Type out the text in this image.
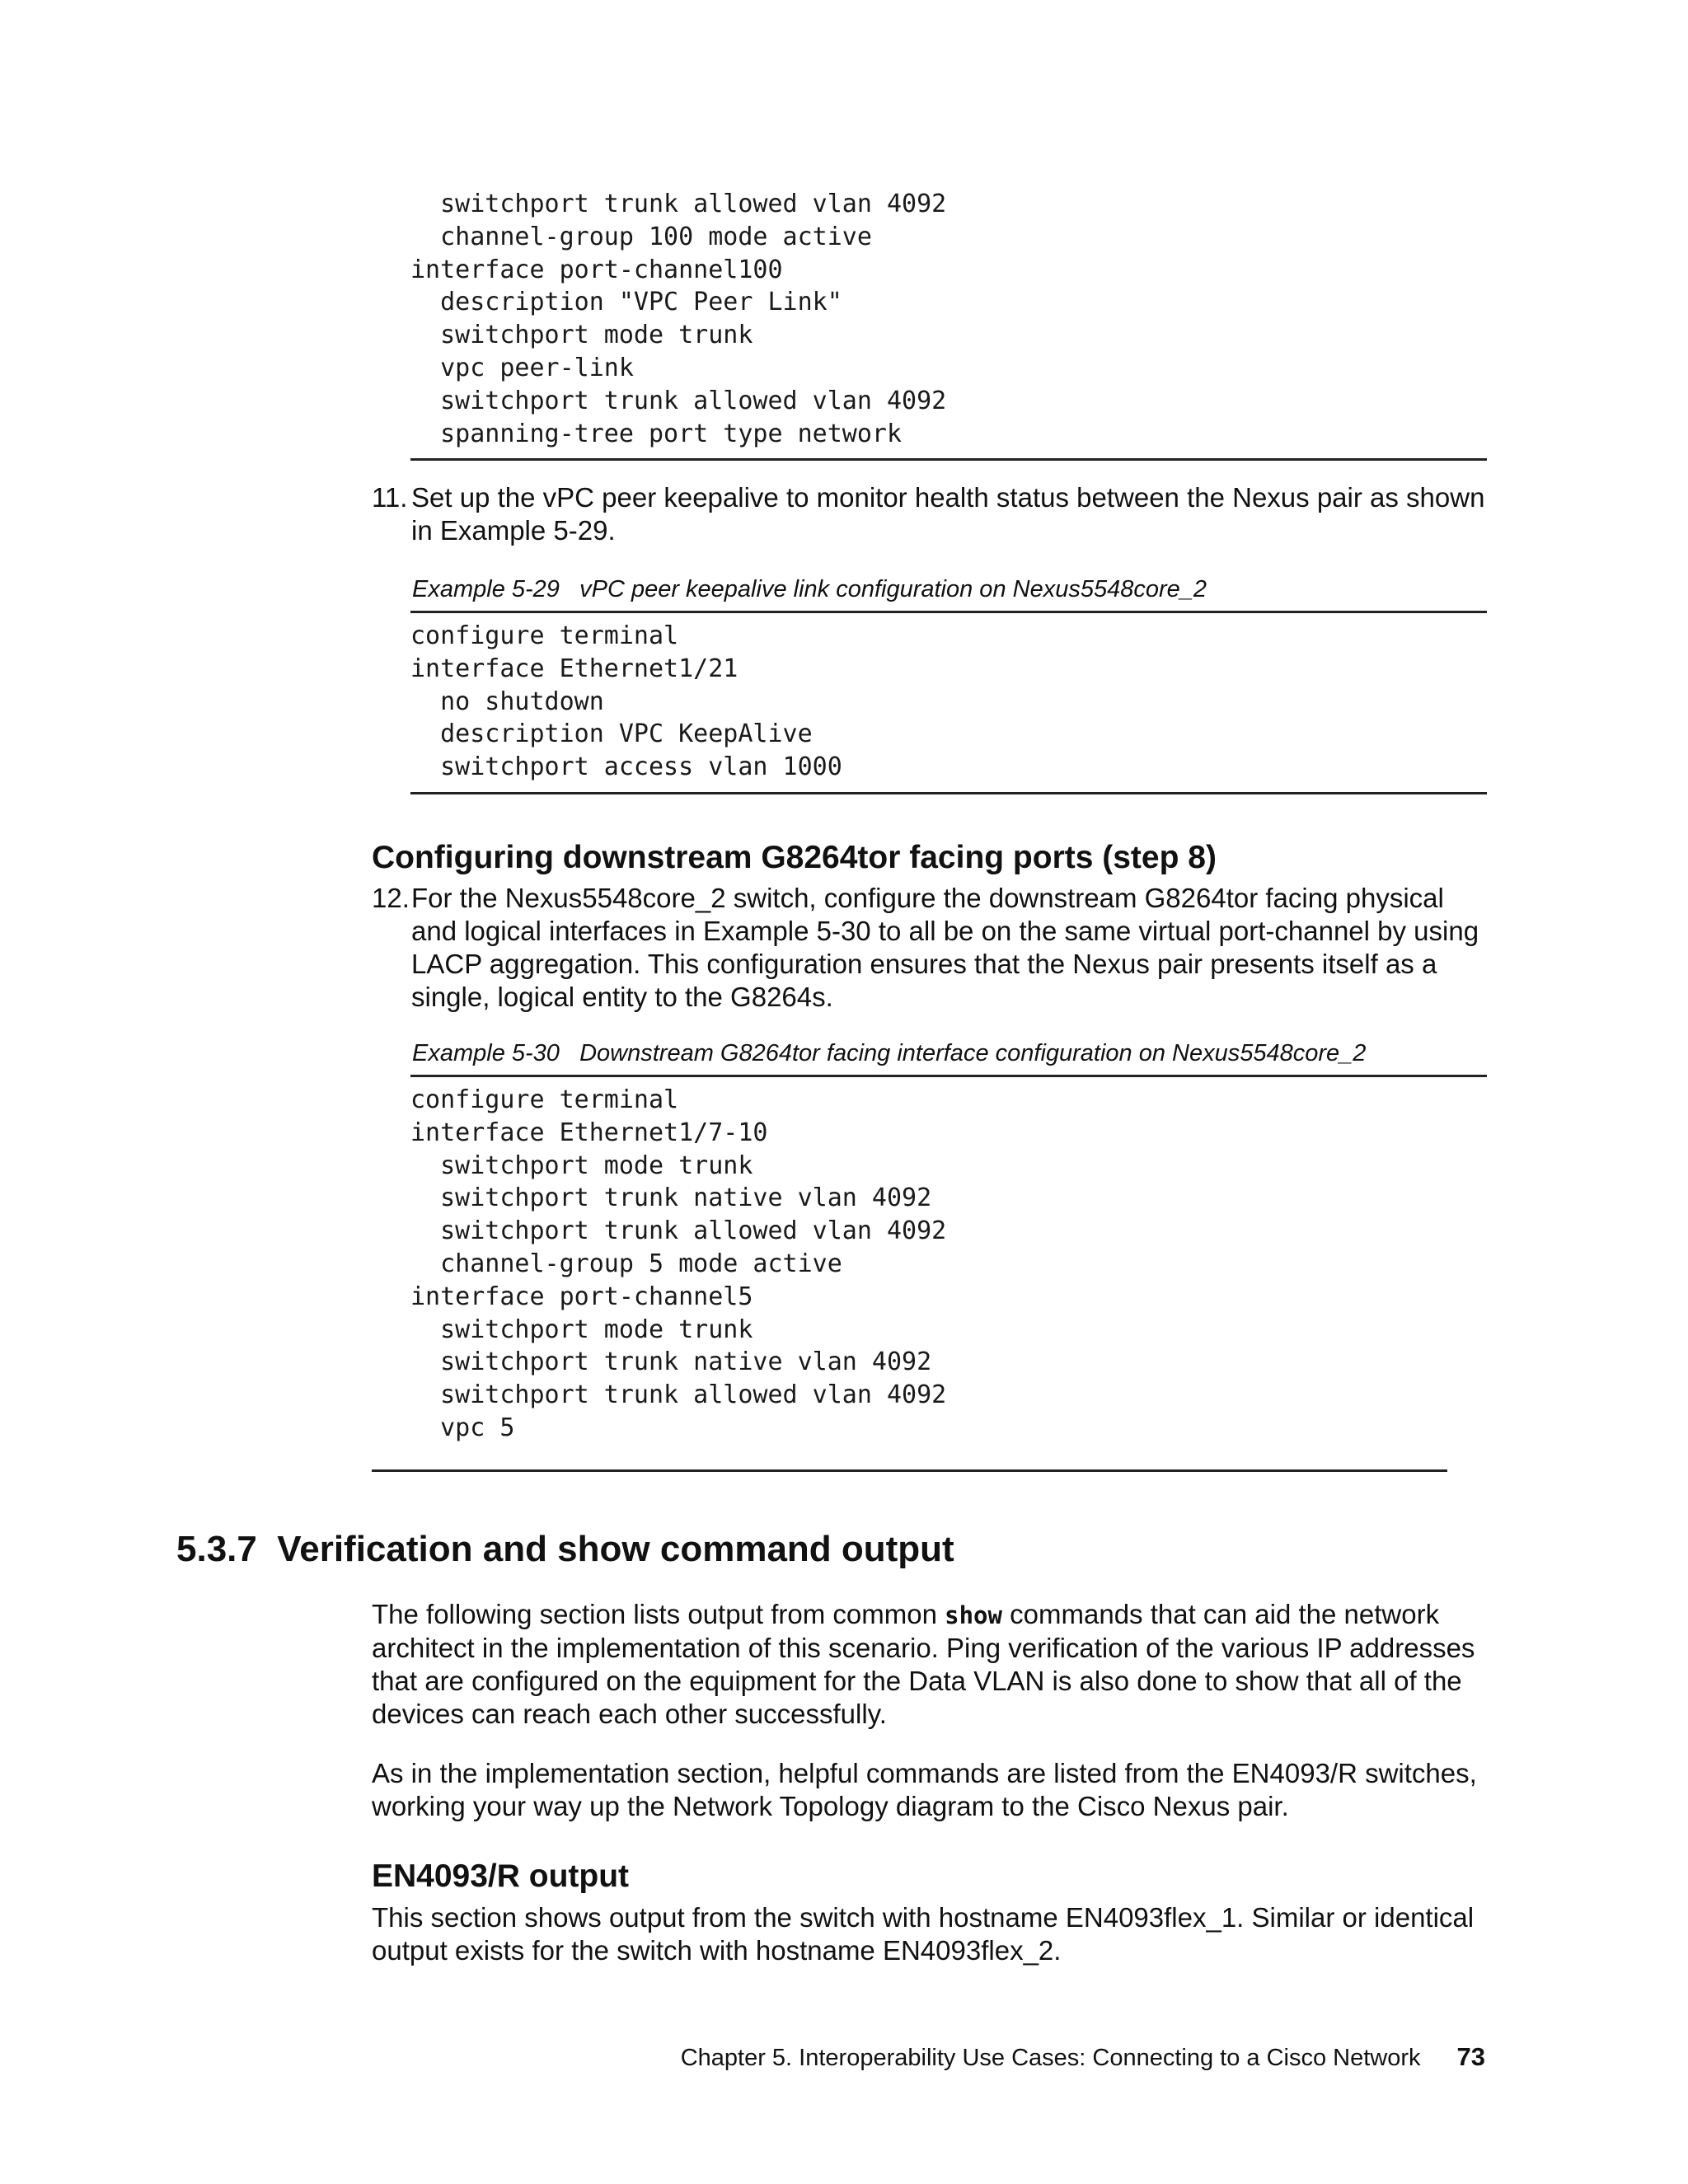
switchport trunk allowed vlan 4092
channel-group 100 mode active
interface port-channel100
description "VPC Peer Link"
switchport mode trunk
vpc peer-link
switchport trunk allowed vlan 4092
spanning-tree port type network
11. Set up the vPC peer keepalive to monitor health status between the Nexus pair as shown in Example 5-29.
Example 5-29   vPC peer keepalive link configuration on Nexus5548core_2
configure terminal
interface Ethernet1/21
no shutdown
description VPC KeepAlive
switchport access vlan 1000
Configuring downstream G8264tor facing ports (step 8)
12. For the Nexus5548core_2 switch, configure the downstream G8264tor facing physical and logical interfaces in Example 5-30 to all be on the same virtual port-channel by using LACP aggregation. This configuration ensures that the Nexus pair presents itself as a single, logical entity to the G8264s.
Example 5-30   Downstream G8264tor facing interface configuration on Nexus5548core_2
configure terminal
interface Ethernet1/7-10
switchport mode trunk
switchport trunk native vlan 4092
switchport trunk allowed vlan 4092
channel-group 5 mode active
interface port-channel5
switchport mode trunk
switchport trunk native vlan 4092
switchport trunk allowed vlan 4092
vpc 5
5.3.7  Verification and show command output
The following section lists output from common show commands that can aid the network architect in the implementation of this scenario. Ping verification of the various IP addresses that are configured on the equipment for the Data VLAN is also done to show that all of the devices can reach each other successfully.
As in the implementation section, helpful commands are listed from the EN4093/R switches, working your way up the Network Topology diagram to the Cisco Nexus pair.
EN4093/R output
This section shows output from the switch with hostname EN4093flex_1. Similar or identical output exists for the switch with hostname EN4093flex_2.
Chapter 5. Interoperability Use Cases: Connecting to a Cisco Network 73
